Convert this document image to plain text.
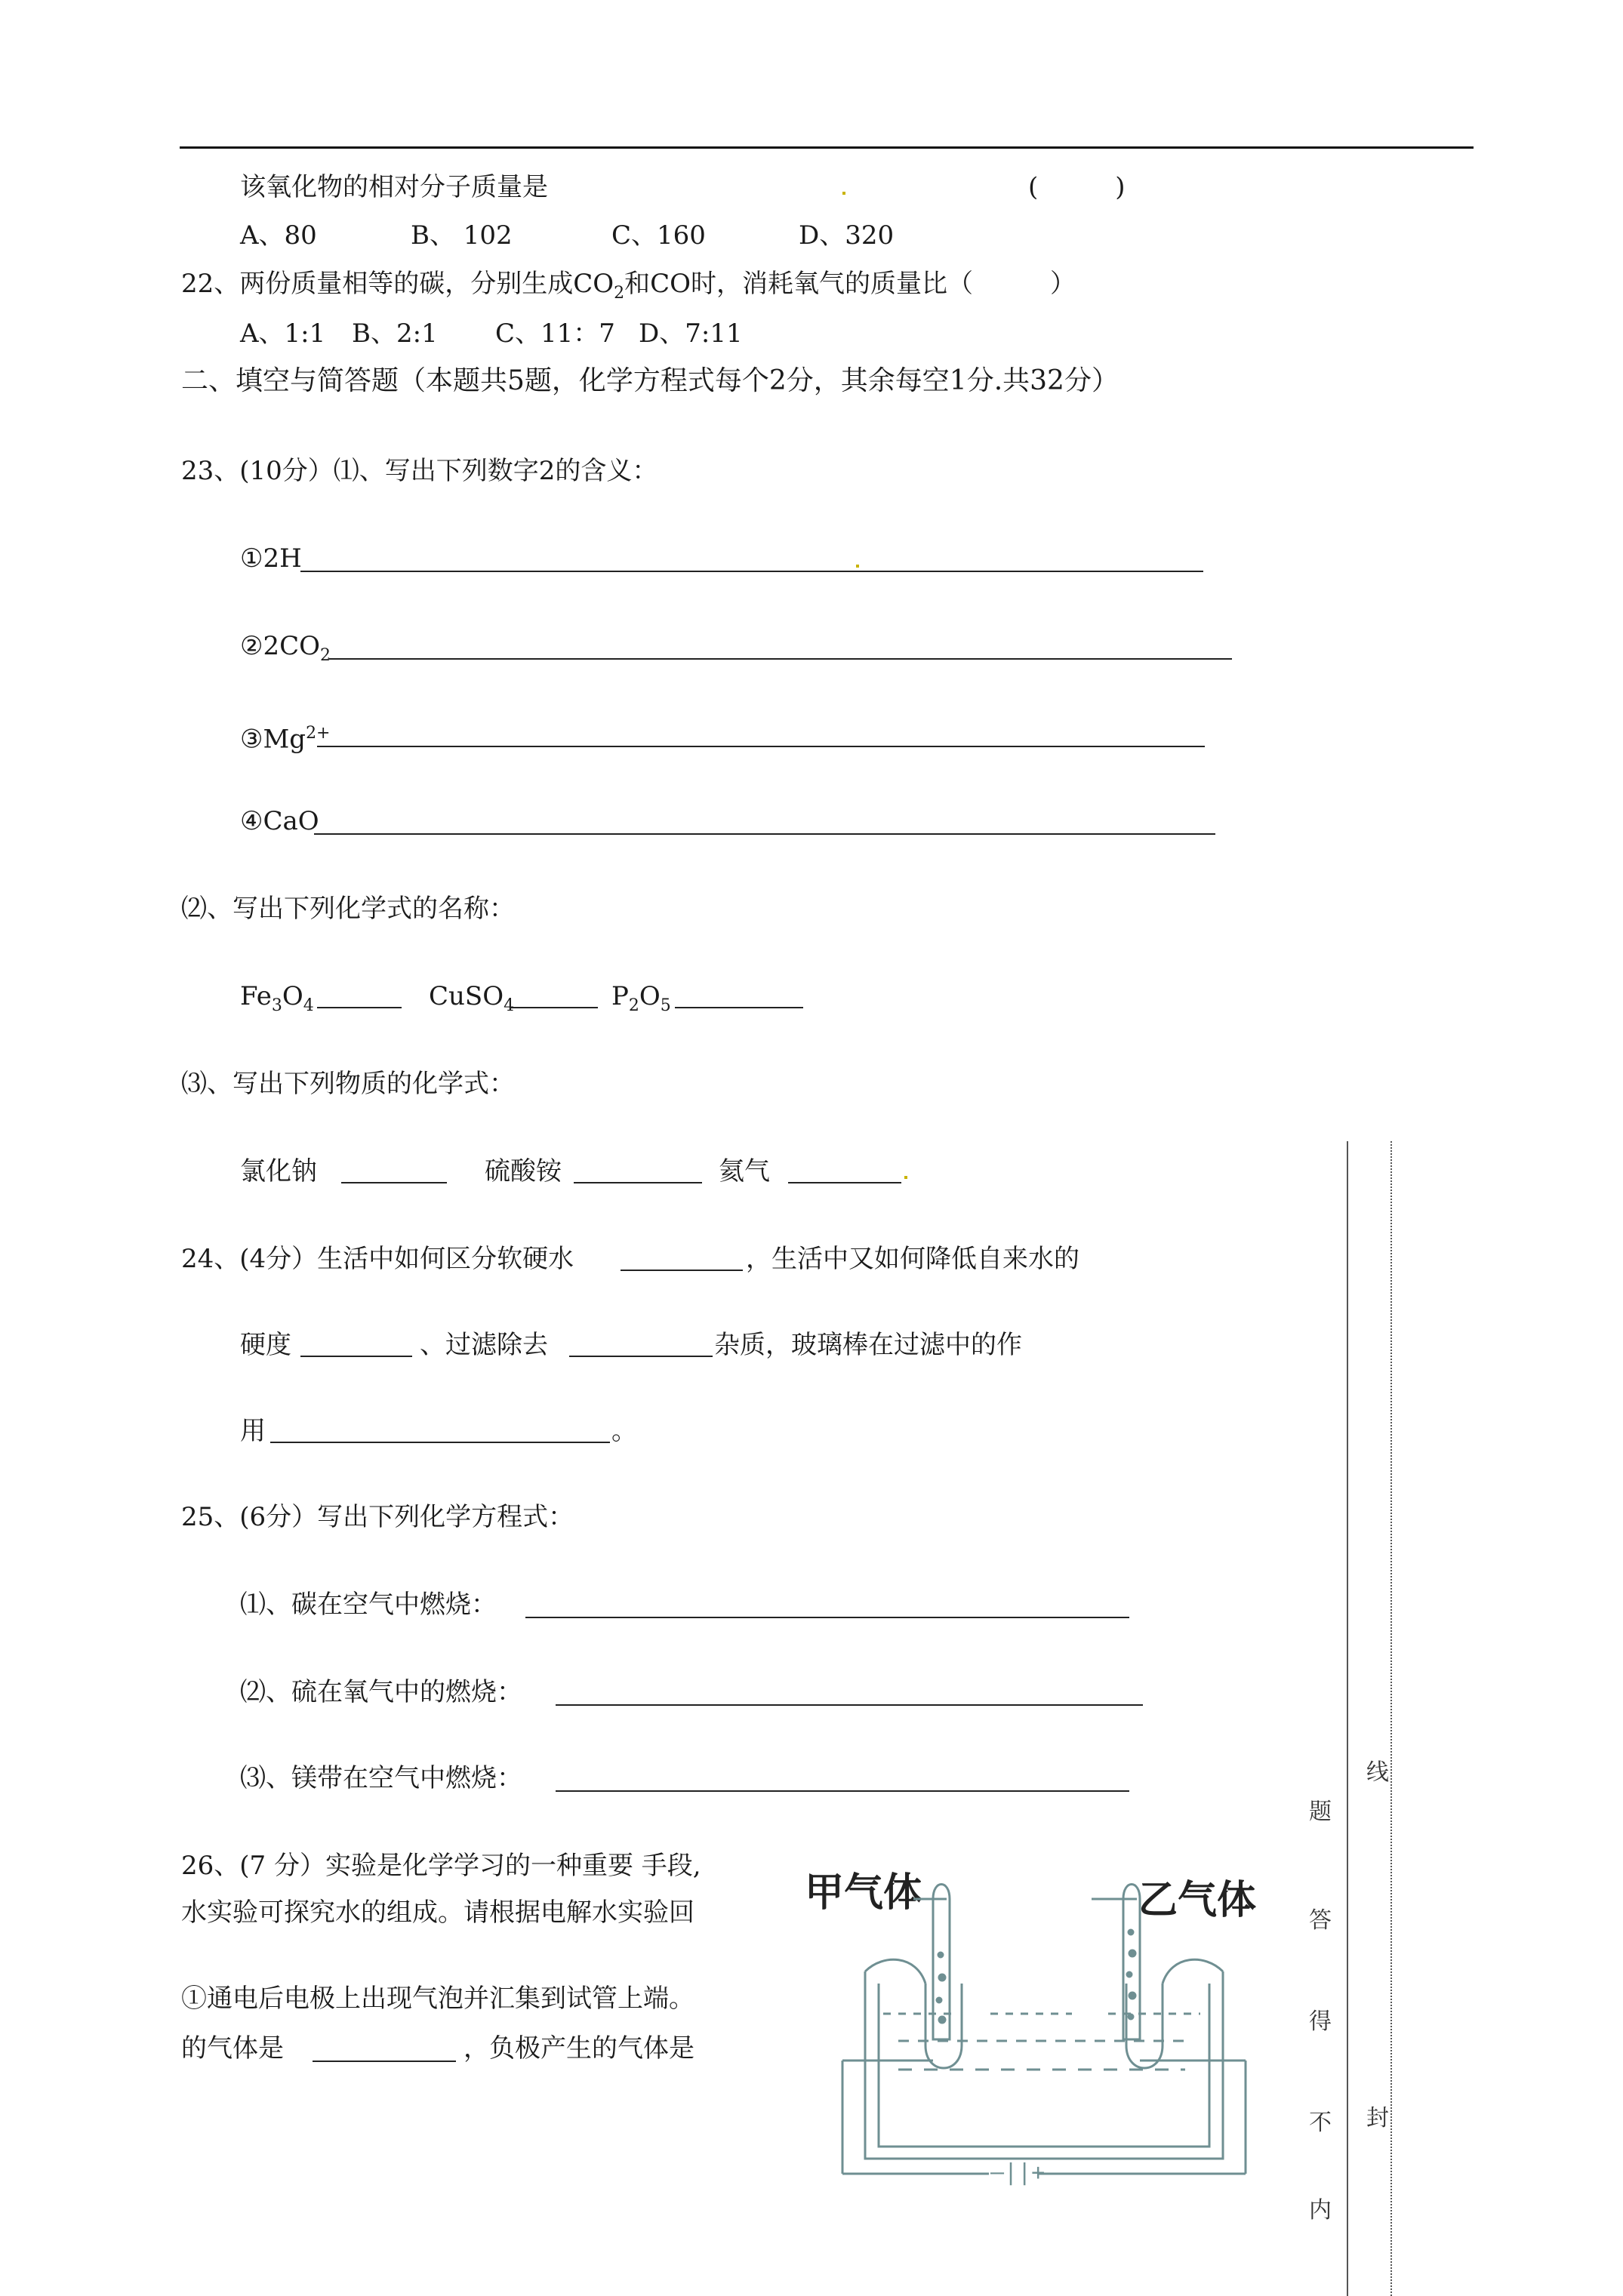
该氧化物的相对分子质量是	(　　　)
A、80	B、 102	C、160	D、320
22、两份质量相等的碳，分别生成$CO_2$和CO时，消耗氧气的质量比（　　　）
A、1:1 B、2:1 C、11：7 D、7:11
二、填空与简答题（本题共5题，化学方程式每个2分，其余每空1分.共32分）
23、(10分）⑴、写出下列数字2的含义：
①2H
$②2CO_2$
$③Mg^{2+}$
④CaO
⑵、写出下列化学式的名称：
$Fe_3O_4$	CuSO$_4$	$P_2O_5$
⑶、写出下列物质的化学式：
氯化钠	硫酸铵	氦气
24、(4分）生活中如何区分软硬水	，生活中又如何降低自来水的
硬度	、过滤除去	杂质，玻璃棒在过滤中的作
用	。
25、(6分）写出下列化学方程式：
⑴、碳在空气中燃烧：
⑵、硫在氧气中的燃烧：
⑶、镁带在空气中燃烧：
26、(7 分）实验是化学学习的一种重要 手段,
水实验可探究水的组成。请根据电解水实验回
①通电后电极上出现气泡并汇集到试管上端。
的气体是	，负极产生的气体是
甲气体	乙气体
—||+
题
答
得
不
内
线
封
